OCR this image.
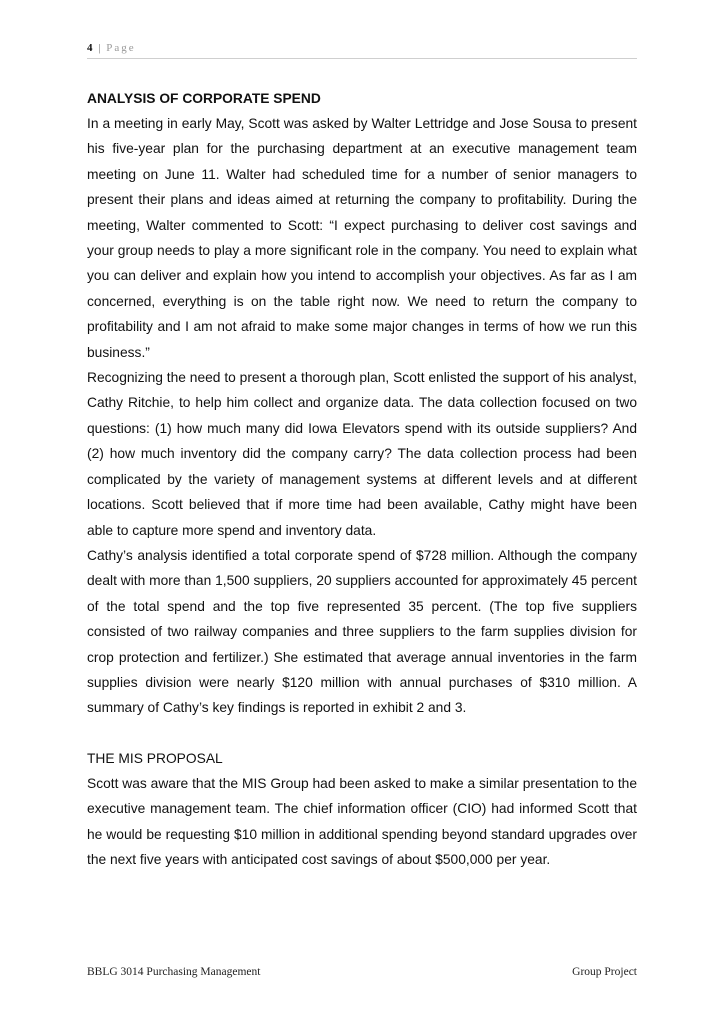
4 | Page
ANALYSIS OF CORPORATE SPEND

In a meeting in early May, Scott was asked by Walter Lettridge and Jose Sousa to present his five-year plan for the purchasing department at an executive management team meeting on June 11. Walter had scheduled time for a number of senior managers to present their plans and ideas aimed at returning the company to profitability. During the meeting, Walter commented to Scott: “I expect purchasing to deliver cost savings and your group needs to play a more significant role in the company. You need to explain what you can deliver and explain how you intend to accomplish your objectives. As far as I am concerned, everything is on the table right now. We need to return the company to profitability and I am not afraid to make some major changes in terms of how we run this business.”

Recognizing the need to present a thorough plan, Scott enlisted the support of his analyst, Cathy Ritchie, to help him collect and organize data. The data collection focused on two questions: (1) how much many did Iowa Elevators spend with its outside suppliers? And (2) how much inventory did the company carry? The data collection process had been complicated by the variety of management systems at different levels and at different locations. Scott believed that if more time had been available, Cathy might have been able to capture more spend and inventory data.

Cathy’s analysis identified a total corporate spend of $728 million. Although the company dealt with more than 1,500 suppliers, 20 suppliers accounted for approximately 45 percent of the total spend and the top five represented 35 percent. (The top five suppliers consisted of two railway companies and three suppliers to the farm supplies division for crop protection and fertilizer.) She estimated that average annual inventories in the farm supplies division were nearly $120 million with annual purchases of $310 million. A summary of Cathy’s key findings is reported in exhibit 2 and 3.

THE MIS PROPOSAL

Scott was aware that the MIS Group had been asked to make a similar presentation to the executive management team. The chief information officer (CIO) had informed Scott that he would be requesting $10 million in additional spending beyond standard upgrades over the next five years with anticipated cost savings of about $500,000 per year.

BBLG 3014 Purchasing Management	Group Project
